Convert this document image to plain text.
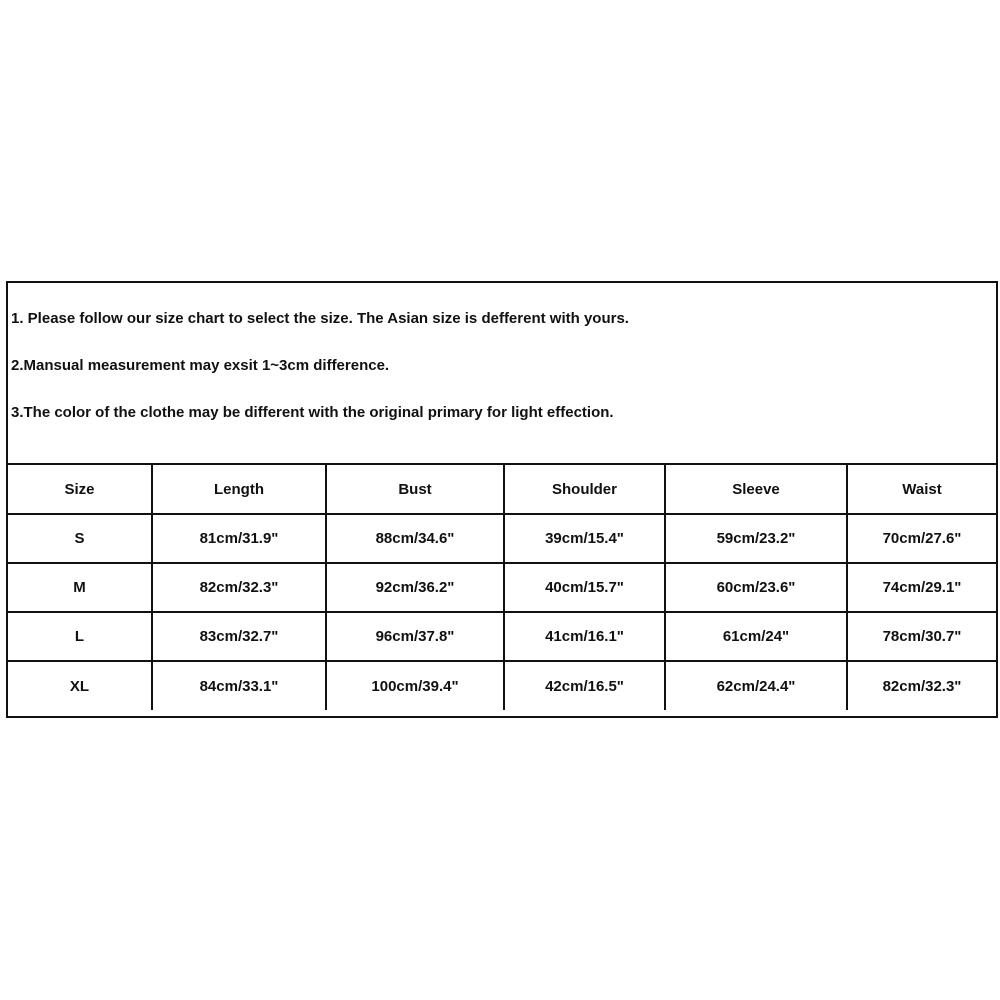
1. Please follow our size chart to select the size. The Asian size is defferent with yours.
2.Mansual measurement may exsit 1~3cm difference.
3.The color of the clothe may be different with the original primary for light effection.
Size	Length	Bust	Shoulder	Sleeve	Waist
S	81cm/31.9"	88cm/34.6"	39cm/15.4"	59cm/23.2"	70cm/27.6"
M	82cm/32.3"	92cm/36.2"	40cm/15.7"	60cm/23.6"	74cm/29.1"
L	83cm/32.7"	96cm/37.8"	41cm/16.1"	61cm/24"	78cm/30.7"
XL	84cm/33.1"	100cm/39.4"	42cm/16.5"	62cm/24.4"	82cm/32.3"
